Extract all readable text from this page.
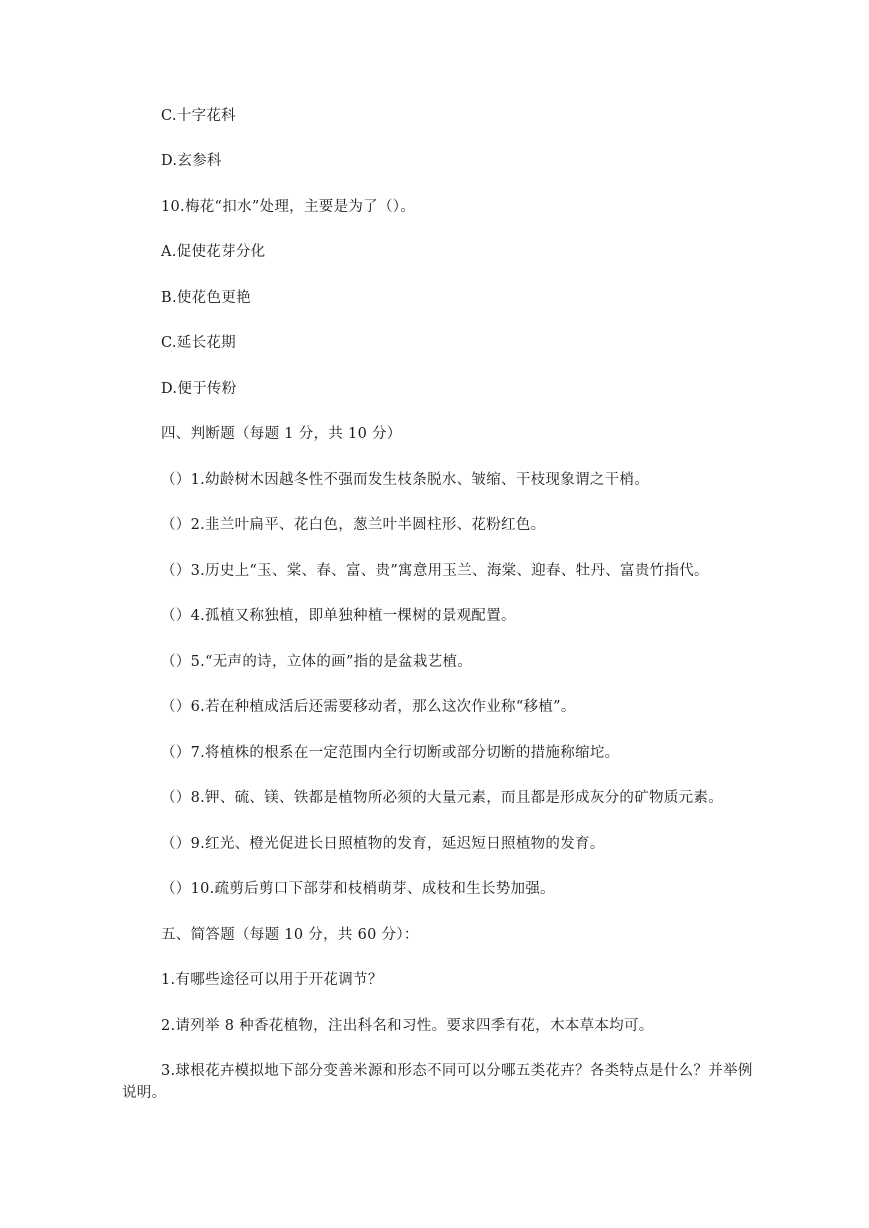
C.十字花科
D.玄参科
10.梅花“扣水”处理，主要是为了（）。
A.促使花芽分化
B.使花色更艳
C.延长花期
D.便于传粉
四、判断题（每题 1 分，共 10 分）
（）1.幼龄树木因越冬性不强而发生枝条脱水、皱缩、干枝现象谓之干梢。
（）2.韭兰叶扁平、花白色，葱兰叶半圆柱形、花粉红色。
（）3.历史上“玉、棠、春、富、贵”寓意用玉兰、海棠、迎春、牡丹、富贵竹指代。
（）4.孤植又称独植，即单独种植一棵树的景观配置。
（）5.“无声的诗，立体的画”指的是盆栽艺植。
（）6.若在种植成活后还需要移动者，那么这次作业称“移植”。
（）7.将植株的根系在一定范围内全行切断或部分切断的措施称缩坨。
（）8.钾、硫、镁、铁都是植物所必须的大量元素，而且都是形成灰分的矿物质元素。
（）9.红光、橙光促进长日照植物的发育，延迟短日照植物的发育。
（）10.疏剪后剪口下部芽和枝梢萌芽、成枝和生长势加强。
五、简答题（每题 10 分，共 60 分）：
1.有哪些途径可以用于开花调节？
2.请列举 8 种香花植物，注出科名和习性。要求四季有花，木本草本均可。
3.球根花卉模拟地下部分变善米源和形态不同可以分哪五类花卉？各类特点是什么？并举例说明。
